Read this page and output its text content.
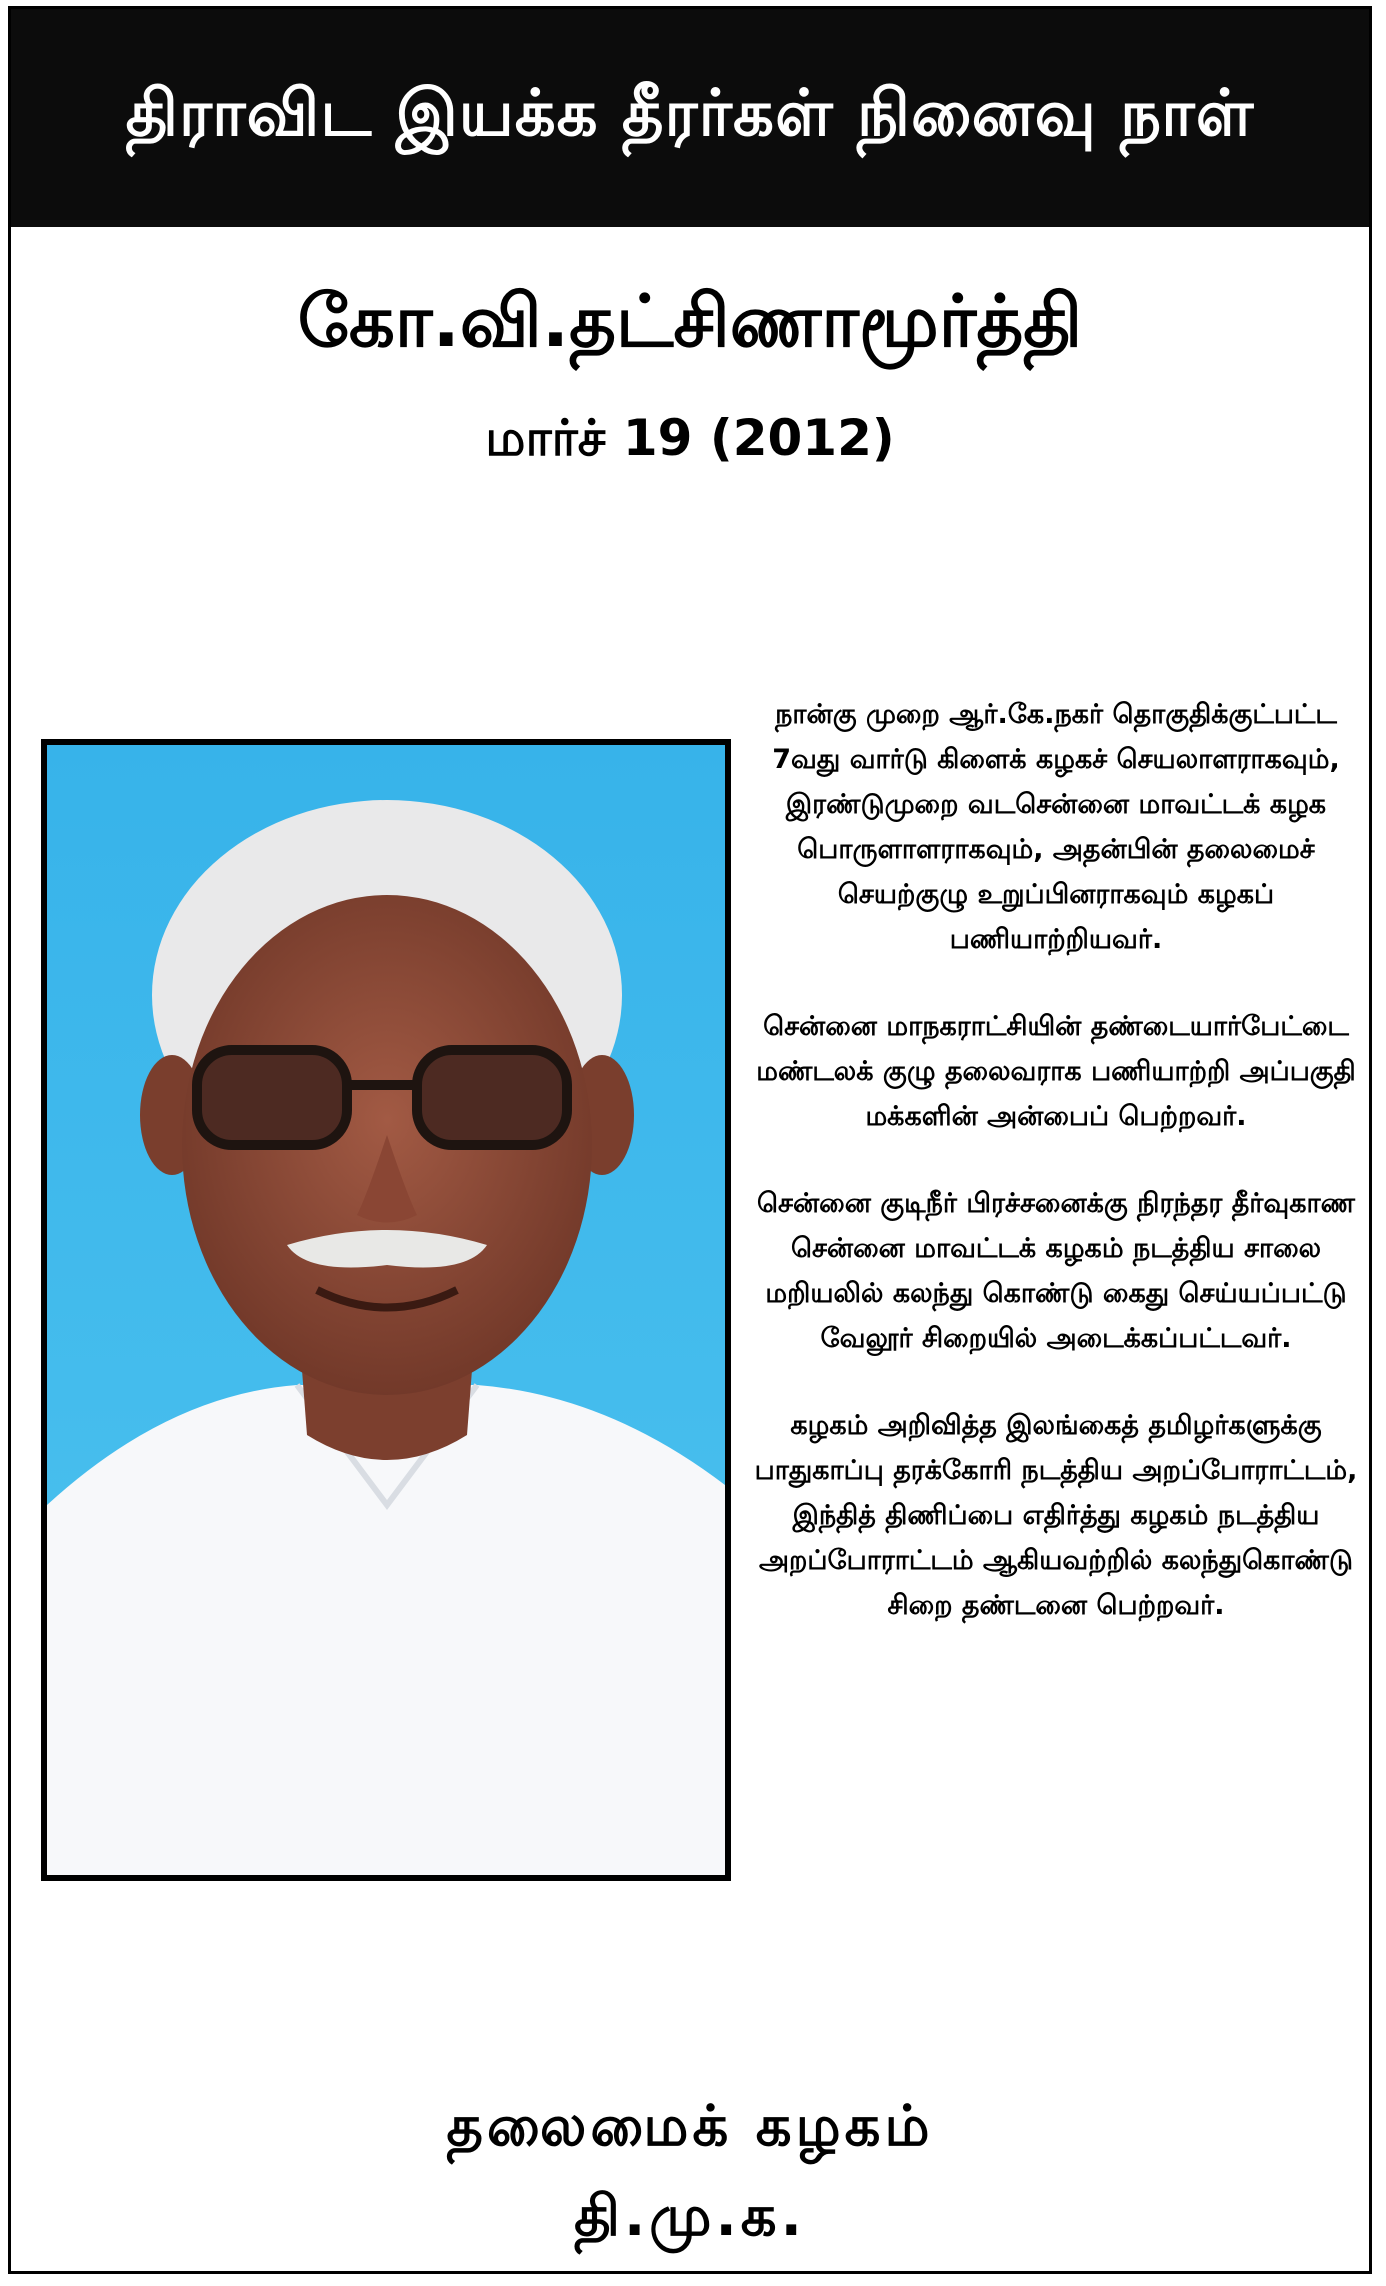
திராவிட இயக்க தீரர்கள் நினைவு நாள்
கோ.வி.தட்சிணாமூர்த்தி
மார்ச் 19 (2012)

நான்கு முறை ஆர்.கே.நகர் தொகுதிக்குட்பட்ட 7வது வார்டு கிளைக் கழகச் செயலாளராகவும், இரண்டுமுறை வடசென்னை மாவட்டக் கழக பொருளாளராகவும், அதன்பின் தலைமைச் செயற்குழு உறுப்பினராகவும் கழகப் பணியாற்றியவர்.

சென்னை மாநகராட்சியின் தண்டையார்பேட்டை மண்டலக் குழு தலைவராக பணியாற்றி அப்பகுதி மக்களின் அன்பைப் பெற்றவர்.

சென்னை குடிநீர் பிரச்சனைக்கு நிரந்தர தீர்வுகாண சென்னை மாவட்டக் கழகம் நடத்திய சாலை மறியலில் கலந்து கொண்டு கைது செய்யப்பட்டு வேலூர் சிறையில் அடைக்கப்பட்டவர்.

கழகம் அறிவித்த இலங்கைத் தமிழர்களுக்கு பாதுகாப்பு தரக்கோரி நடத்திய அறப்போராட்டம், இந்தித் திணிப்பை எதிர்த்து கழகம் நடத்திய அறப்போராட்டம் ஆகியவற்றில் கலந்துகொண்டு சிறை தண்டனை பெற்றவர்.

தலைமைக் கழகம்
தி.மு.க.
